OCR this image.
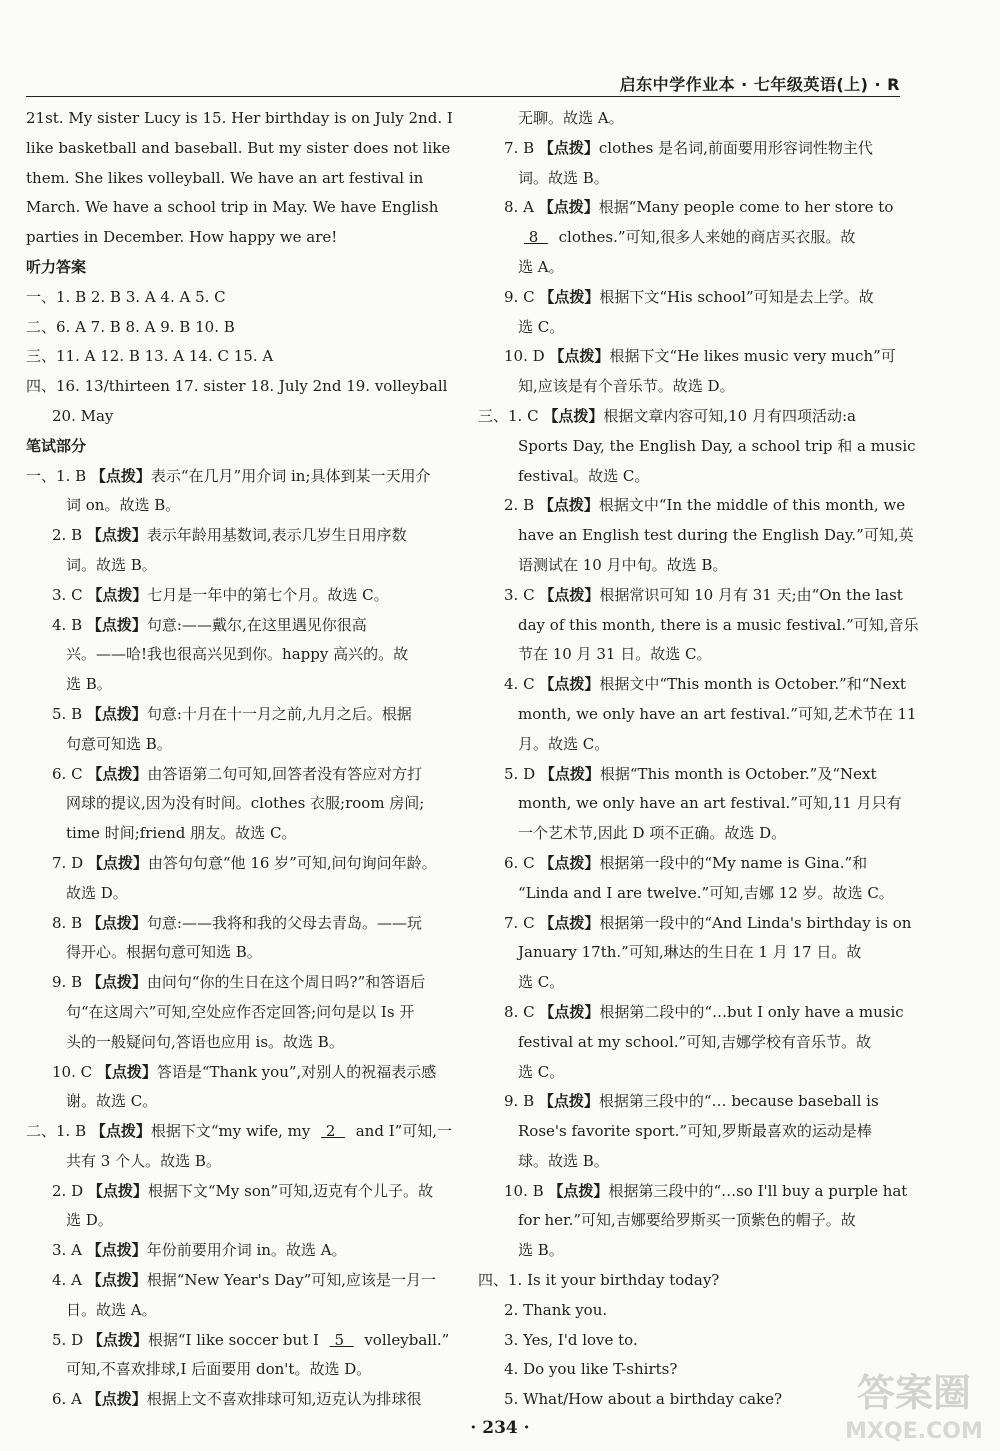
启东中学作业本 · 七年级英语(上) · R
21st. My sister Lucy is 15. Her birthday is on July 2nd. I
like basketball and baseball. But my sister does not like
them. She likes volleyball. We have an art festival in
March. We have a school trip in May. We have English
parties in December. How happy we are!
听力答案
一、1. B 2. B 3. A 4. A 5. C
二、6. A 7. B 8. A 9. B 10. B
三、11. A 12. B 13. A 14. C 15. A
四、16. 13/thirteen 17. sister 18. July 2nd 19. volleyball
20. May
笔试部分
一、1. B 【点拨】表示“在几月”用介词 in;具体到某一天用介
词 on。故选 B。
2. B 【点拨】表示年龄用基数词,表示几岁生日用序数
词。故选 B。
3. C 【点拨】七月是一年中的第七个月。故选 C。
4. B 【点拨】句意:——戴尔,在这里遇见你很高
兴。——哈!我也很高兴见到你。happy 高兴的。故
选 B。
5. B 【点拨】句意:十月在十一月之前,九月之后。根据
句意可知选 B。
6. C 【点拨】由答语第二句可知,回答者没有答应对方打
网球的提议,因为没有时间。clothes 衣服;room 房间;
time 时间;friend 朋友。故选 C。
7. D 【点拨】由答句句意“他 16 岁”可知,问句询问年龄。
故选 D。
8. B 【点拨】句意:——我将和我的父母去青岛。——玩
得开心。根据句意可知选 B。
9. B 【点拨】由问句“你的生日在这个周日吗?”和答语后
句“在这周六”可知,空处应作否定回答;问句是以 Is 开
头的一般疑问句,答语也应用 is。故选 B。
10. C 【点拨】答语是“Thank you”,对别人的祝福表示感
谢。故选 C。
二、1. B 【点拨】根据下文“my wife, my  2   and I”可知,一
共有 3 个人。故选 B。
2. D 【点拨】根据下文“My son”可知,迈克有个儿子。故
选 D。
3. A 【点拨】年份前要用介词 in。故选 A。
4. A 【点拨】根据“New Year's Day”可知,应该是一月一
日。故选 A。
5. D 【点拨】根据“I like soccer but I  5   volleyball.”
可知,不喜欢排球,I 后面要用 don't。故选 D。
6. A 【点拨】根据上文不喜欢排球可知,迈克认为排球很
无聊。故选 A。
7. B 【点拨】clothes 是名词,前面要用形容词性物主代
词。故选 B。
8. A 【点拨】根据“Many people come to her store to
8   clothes.”可知,很多人来她的商店买衣服。故
选 A。
9. C 【点拨】根据下文“His school”可知是去上学。故
选 C。
10. D 【点拨】根据下文“He likes music very much”可
知,应该是有个音乐节。故选 D。
三、1. C 【点拨】根据文章内容可知,10 月有四项活动:a
Sports Day, the English Day, a school trip 和 a music
festival。故选 C。
2. B 【点拨】根据文中“In the middle of this month, we
have an English test during the English Day.”可知,英
语测试在 10 月中旬。故选 B。
3. C 【点拨】根据常识可知 10 月有 31 天;由“On the last
day of this month, there is a music festival.”可知,音乐
节在 10 月 31 日。故选 C。
4. C 【点拨】根据文中“This month is October.”和“Next
month, we only have an art festival.”可知,艺术节在 11
月。故选 C。
5. D 【点拨】根据“This month is October.”及“Next
month, we only have an art festival.”可知,11 月只有
一个艺术节,因此 D 项不正确。故选 D。
6. C 【点拨】根据第一段中的“My name is Gina.”和
“Linda and I are twelve.”可知,吉娜 12 岁。故选 C。
7. C 【点拨】根据第一段中的“And Linda's birthday is on
January 17th.”可知,琳达的生日在 1 月 17 日。故
选 C。
8. C 【点拨】根据第二段中的“…but I only have a music
festival at my school.”可知,吉娜学校有音乐节。故
选 C。
9. B 【点拨】根据第三段中的“… because baseball is
Rose's favorite sport.”可知,罗斯最喜欢的运动是棒
球。故选 B。
10. B 【点拨】根据第三段中的“…so I'll buy a purple hat
for her.”可知,吉娜要给罗斯买一顶紫色的帽子。故
选 B。
四、1. Is it your birthday today?
2. Thank you.
3. Yes, I'd love to.
4. Do you like T-shirts?
5. What/How about a birthday cake?
· 234 ·
答案圈
MXQE.COM
